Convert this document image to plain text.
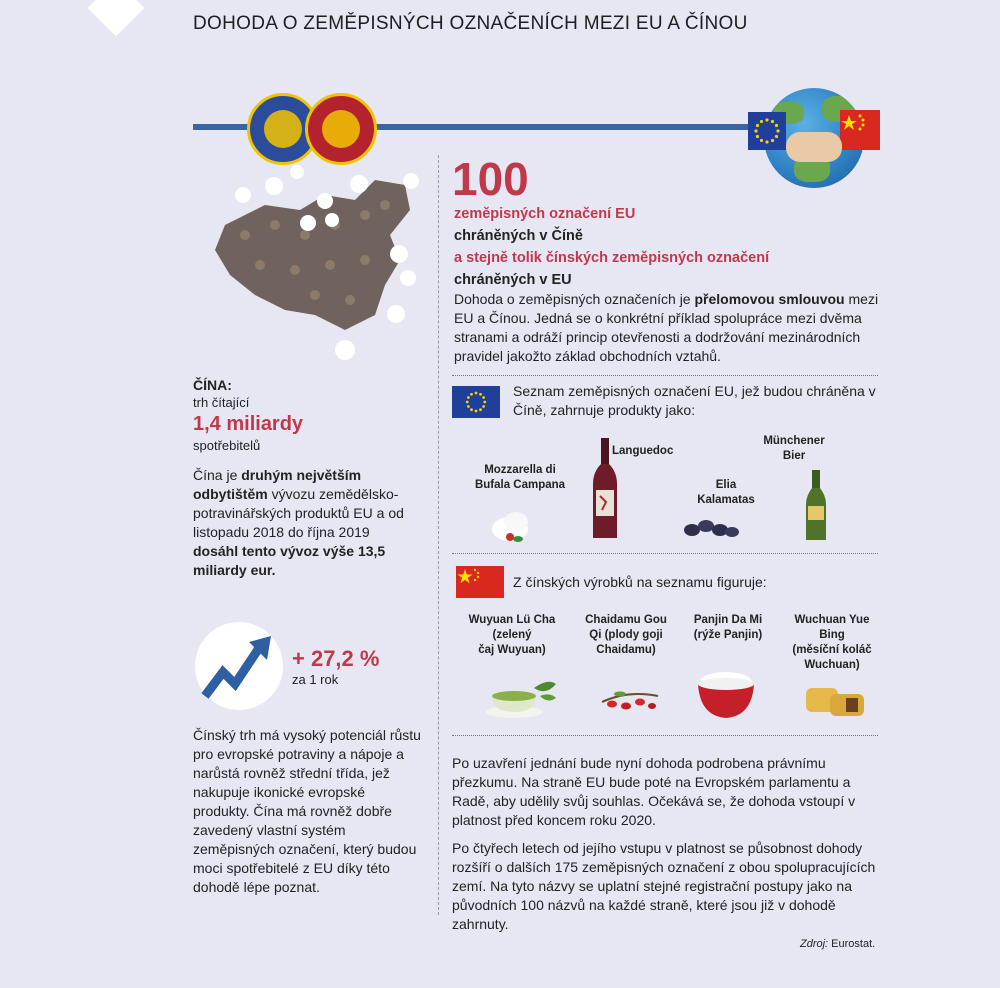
DOHODA O ZEMĚPISNÝCH OZNAČENÍCH MEZI EU A ČÍNOU
ČÍNA:
trh čítající
1,4 miliardy
spotřebitelů
Čína je druhým největším odbytištěm vývozu zemědělsko-potravinářských produktů EU a od listopadu 2018 do října 2019 dosáhl tento vývoz výše 13,5 miliardy eur.
+ 27,2 %
za 1 rok
Čínský trh má vysoký potenciál růstu pro evropské potraviny a nápoje a narůstá rovněž střední třída, jež nakupuje ikonické evropské produkty. Čína má rovněž dobře zavedený vlastní systém zeměpisných označení, který budou moci spotřebitelé z EU díky této dohodě lépe poznat.
100
zeměpisných označení EU
chráněných v Číně
a stejně tolik čínských zeměpisných označení
chráněných v EU
Dohoda o zeměpisných označeních je přelomovou smlouvou mezi EU a Čínou. Jedná se o konkrétní příklad spolupráce mezi dvěma stranami a odráží princip otevřenosti a dodržování mezinárodních pravidel jakožto základ obchodních vztahů.
Seznam zeměpisných označení EU, jež budou chráněna v Číně, zahrnuje produkty jako:
Mozzarella di
Bufala Campana
Languedoc
Elia
Kalamatas
Münchener
Bier
Z čínských výrobků na seznamu figuruje:
Wuyuan Lü Cha
(zelený
čaj Wuyuan)
Chaidamu Gou
Qi (plody goji
Chaidamu)
Panjin Da Mi
(rýže Panjin)
Wuchuan Yue Bing
(měsíční koláč
Wuchuan)
Po uzavření jednání bude nyní dohoda podrobena právnímu přezkumu. Na straně EU bude poté na Evropském parlamentu a Radě, aby udělily svůj souhlas. Očekává se, že dohoda vstoupí v platnost před koncem roku 2020.
Po čtyřech letech od jejího vstupu v platnost se působnost dohody rozšíří o dalších 175 zeměpisných označení z obou spolupracujících zemí. Na tyto názvy se uplatní stejné registrační postupy jako na původních 100 názvů na každé straně, které jsou již v dohodě zahrnuty.
Zdroj: Eurostat.
